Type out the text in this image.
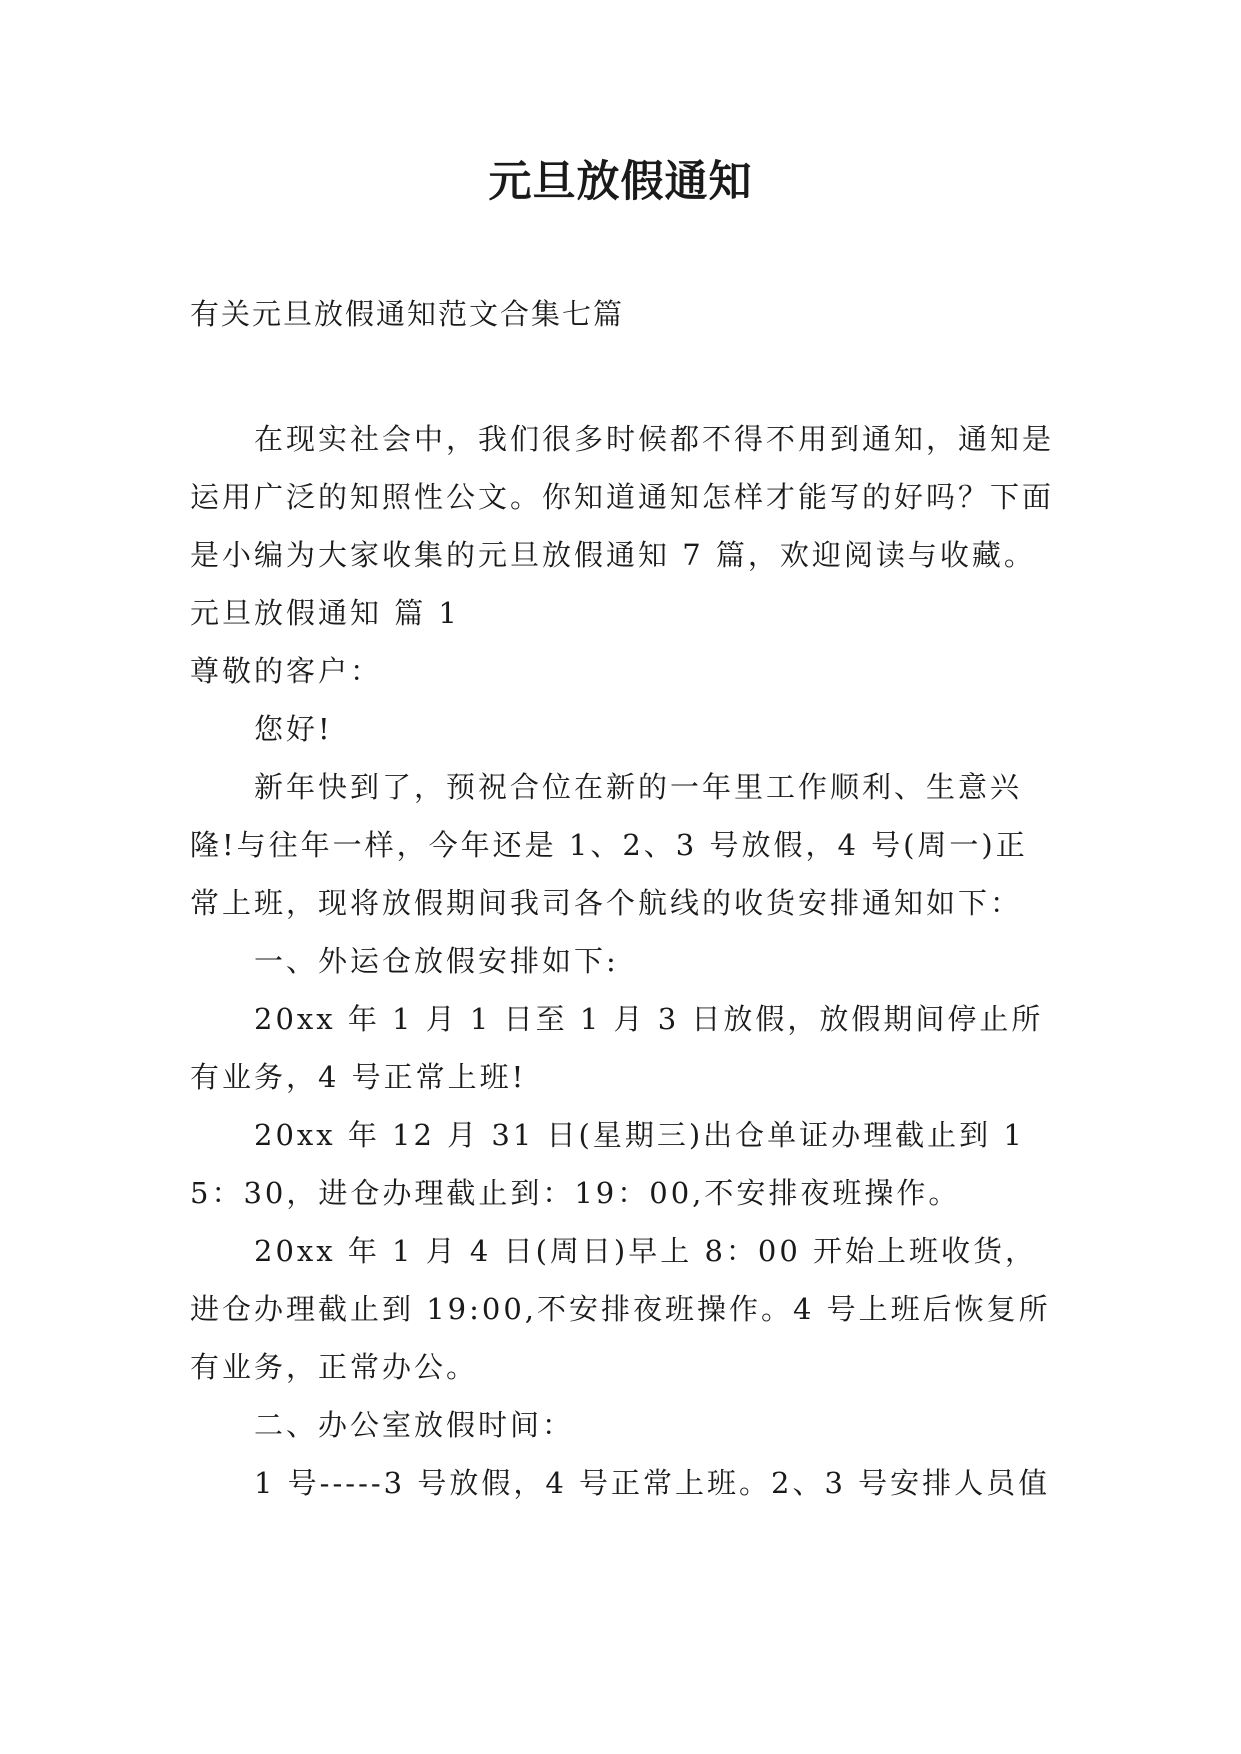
元旦放假通知
有关元旦放假通知范文合集七篇

在现实社会中，我们很多时候都不得不用到通知，通知是运用广泛的知照性公文。你知道通知怎样才能写的好吗？下面是小编为大家收集的元旦放假通知 7 篇，欢迎阅读与收藏。

元旦放假通知 篇 1

尊敬的客户：

您好!

新年快到了，预祝合位在新的一年里工作顺利、生意兴隆!与往年一样，今年还是 1、2、3 号放假，4 号(周一)正常上班，现将放假期间我司各个航线的收货安排通知如下：

一、外运仓放假安排如下:

20xx 年 1 月 1 日至 1 月 3 日放假，放假期间停止所有业务，4 号正常上班!

20xx 年 12 月 31 日(星期三)出仓单证办理截止到 15：30，进仓办理截止到：19：00,不安排夜班操作。

20xx 年 1 月 4 日(周日)早上 8：00 开始上班收货，进仓办理截止到 19:00,不安排夜班操作。4 号上班后恢复所有业务，正常办公。

二、办公室放假时间：

1 号-----3 号放假，4 号正常上班。2、3 号安排人员值
